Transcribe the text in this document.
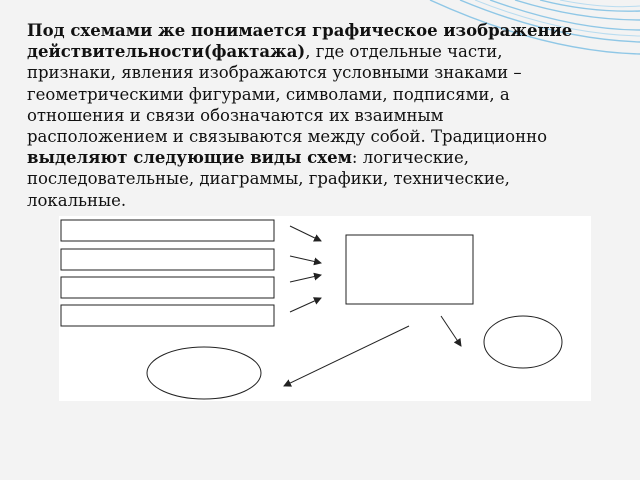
Под схемами же понимается графическое изображение действительности(фактажа), где отдельные части, признаки, явления изображаются условными знаками – геометрическими фигурами, символами, подписями, а отношения и связи обозначаются их взаимным расположением и связываются между собой. Традиционно выделяют следующие виды схем: логические, последовательные, диаграммы, графики, технические, локальные.
